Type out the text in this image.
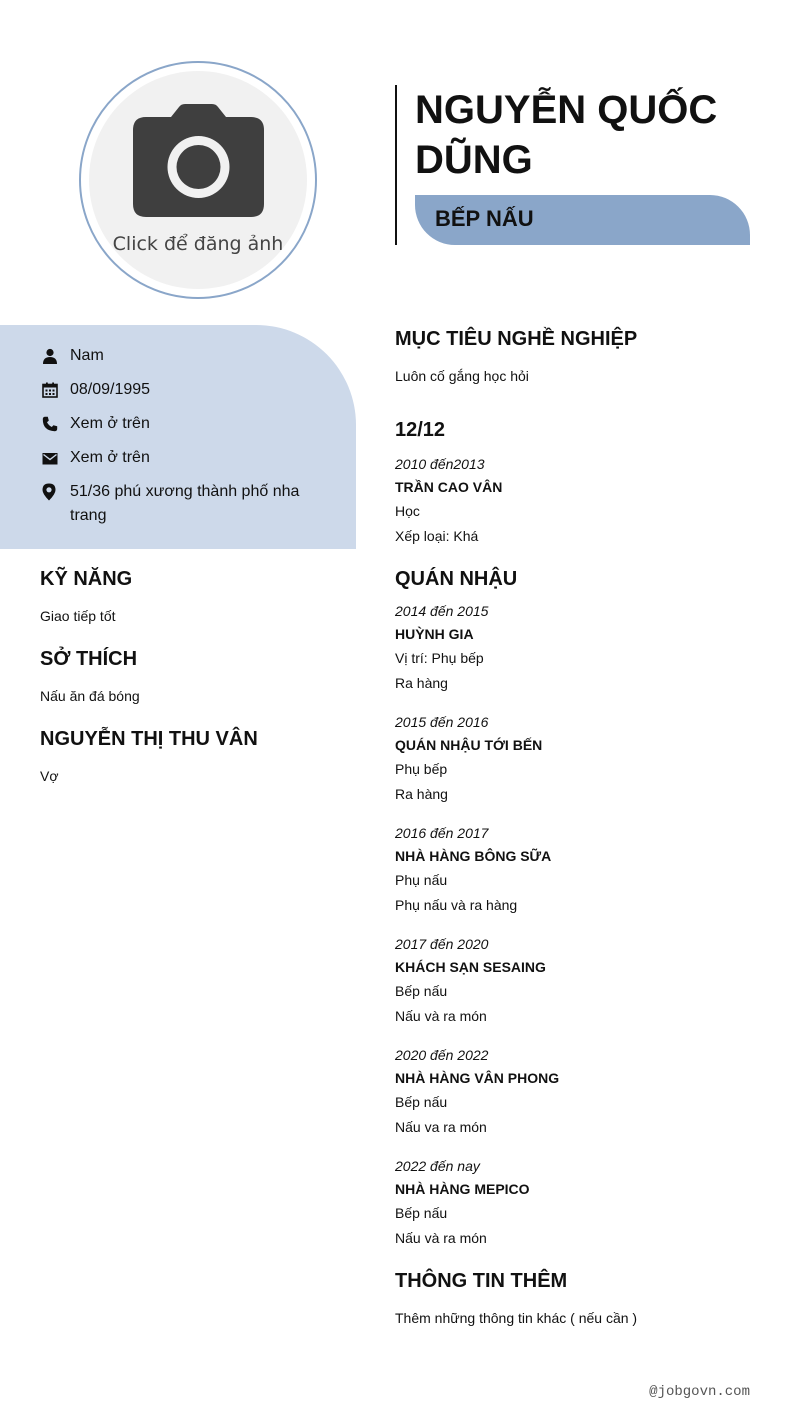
Click để đăng ảnh
NGUYỄN QUỐC DŨNG
BẾP NẤU
Nam
08/09/1995
Xem ở trên
Xem ở trên
51/36 phú xương thành phố nha trang
KỸ NĂNG
Giao tiếp tốt
SỞ THÍCH
Nấu ăn đá bóng
NGUYỄN THỊ THU VÂN
Vợ
MỤC TIÊU NGHỀ NGHIỆP
Luôn cố gắng học hỏi
12/12
2010 đến2013
TRẦN CAO VÂN
Học
Xếp loại: Khá
QUÁN NHẬU
2014 đến 2015
HUỲNH GIA
Vị trí: Phụ bếp
Ra hàng
2015 đến 2016
QUÁN NHẬU TỚI BẾN
Phụ bếp
Ra hàng
2016 đến 2017
NHÀ HÀNG BÔNG SỮA
Phụ nấu
Phụ nấu và ra hàng
2017 đến 2020
KHÁCH SẠN SESAING
Bếp nấu
Nấu và ra món
2020 đến 2022
NHÀ HÀNG VÂN PHONG
Bếp nấu
Nấu va ra món
2022 đến nay
NHÀ HÀNG MEPICO
Bếp nấu
Nấu và ra món
THÔNG TIN THÊM
Thêm những thông tin khác ( nếu cần )
@jobgovn.com
